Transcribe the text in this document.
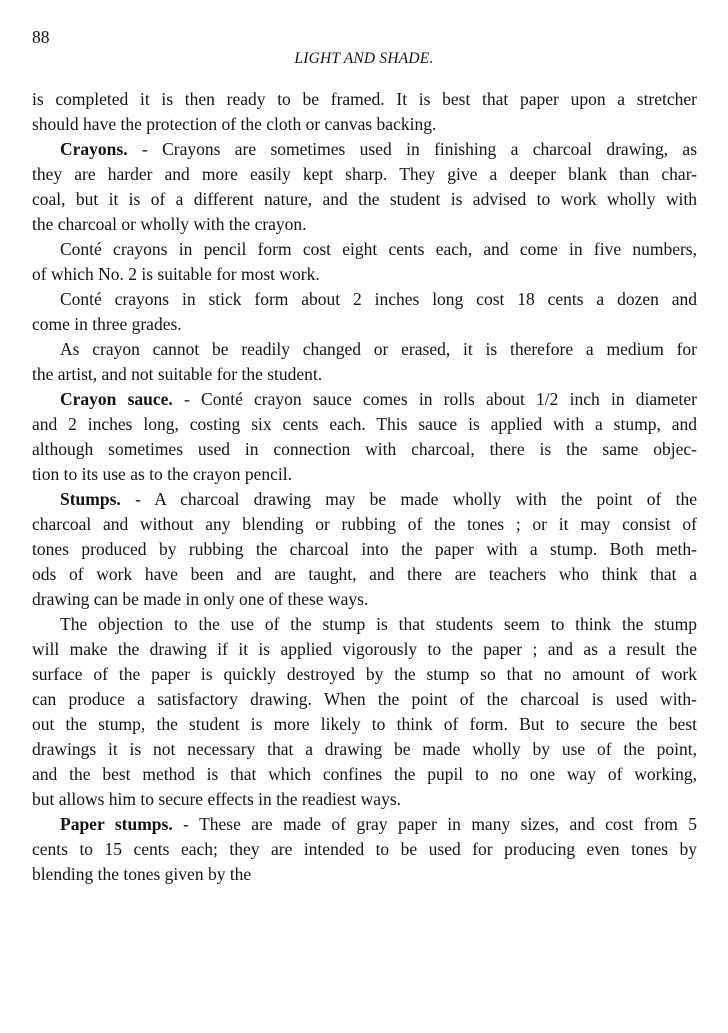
88
LIGHT AND SHADE.
is completed it is then ready to be framed. It is best that paper upon a stretcher
should have the protection of the cloth or canvas backing.
Crayons. - Crayons are sometimes used in finishing a charcoal drawing, as
they are harder and more easily kept sharp. They give a deeper blank than char-
coal, but it is of a different nature, and the student is advised to work wholly with
the charcoal or wholly with the crayon.
Conté crayons in pencil form cost eight cents each, and come in five numbers,
of which No. 2 is suitable for most work.
Conté crayons in stick form about 2 inches long cost 18 cents a dozen and
come in three grades.
As crayon cannot be readily changed or erased, it is therefore a medium for
the artist, and not suitable for the student.
Crayon sauce. - Conté crayon sauce comes in rolls about 1/2 inch in diameter
and 2 inches long, costing six cents each. This sauce is applied with a stump, and
although sometimes used in connection with charcoal, there is the same objec-
tion to its use as to the crayon pencil.
Stumps. - A charcoal drawing may be made wholly with the point of the
charcoal and without any blending or rubbing of the tones ; or it may consist of
tones produced by rubbing the charcoal into the paper with a stump. Both meth-
ods of work have been and are taught, and there are teachers who think that a
drawing can be made in only one of these ways.
The objection to the use of the stump is that students seem to think the stump
will make the drawing if it is applied vigorously to the paper ; and as a result the
surface of the paper is quickly destroyed by the stump so that no amount of work
can produce a satisfactory drawing. When the point of the charcoal is used with-
out the stump, the student is more likely to think of form. But to secure the best
drawings it is not necessary that a drawing be made wholly by use of the point,
and the best method is that which confines the pupil to no one way of working,
but allows him to secure effects in the readiest ways.
Paper stumps. - These are made of gray paper in many sizes, and cost from 5
cents to 15 cents each; they are intended to be used for producing even tones by
blending the tones given by the
